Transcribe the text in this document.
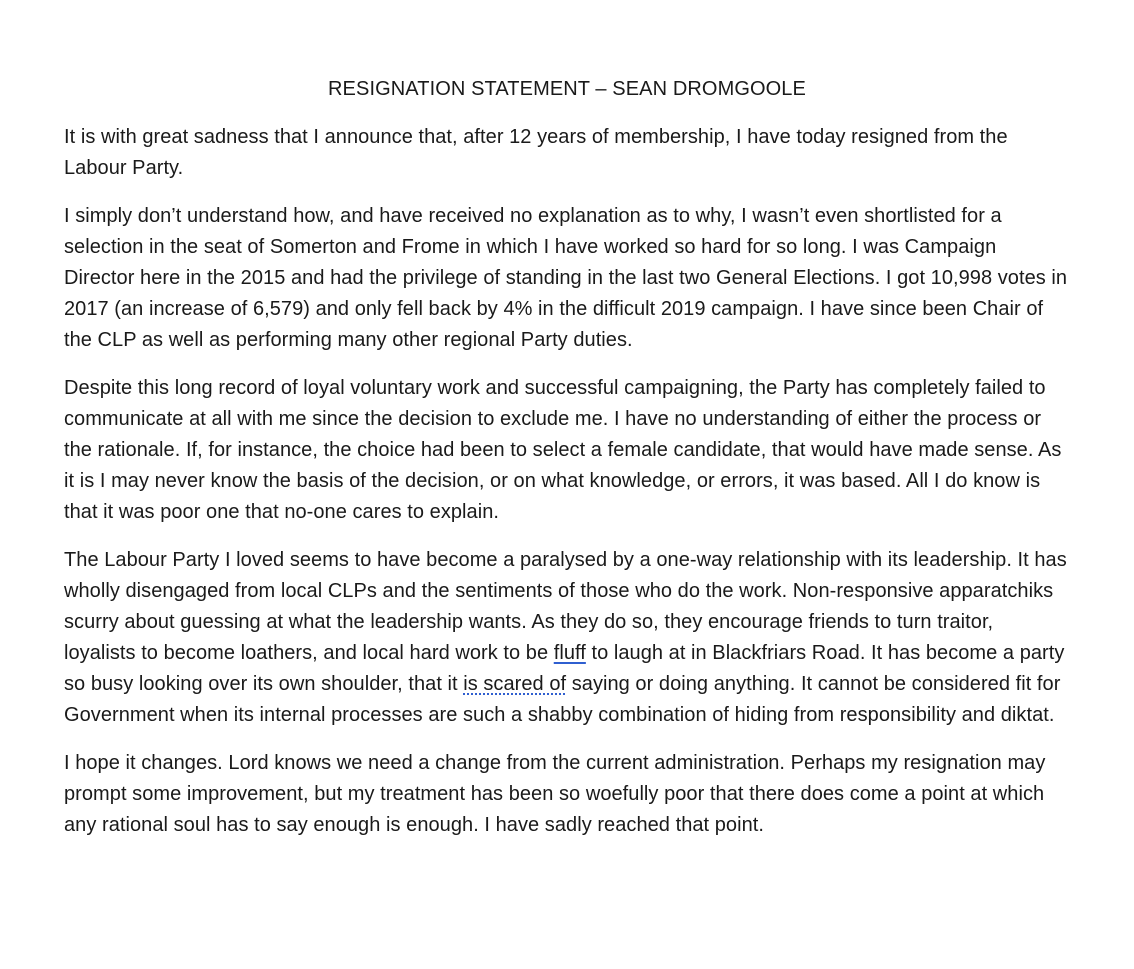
RESIGNATION STATEMENT – SEAN DROMGOOLE

It is with great sadness that I announce that, after 12 years of membership, I have today resigned from the Labour Party.

I simply don’t understand how, and have received no explanation as to why, I wasn’t even shortlisted for a selection in the seat of Somerton and Frome in which I have worked so hard for so long. I was Campaign Director here in the 2015 and had the privilege of standing in the last two General Elections. I got 10,998 votes in 2017 (an increase of 6,579) and only fell back by 4% in the difficult 2019 campaign. I have since been Chair of the CLP as well as performing many other regional Party duties.

Despite this long record of loyal voluntary work and successful campaigning, the Party has completely failed to communicate at all with me since the decision to exclude me. I have no understanding of either the process or the rationale. If, for instance, the choice had been to select a female candidate, that would have made sense. As it is I may never know the basis of the decision, or on what knowledge, or errors, it was based. All I do know is that it was poor one that no-one cares to explain.

The Labour Party I loved seems to have become a paralysed by a one-way relationship with its leadership. It has wholly disengaged from local CLPs and the sentiments of those who do the work. Non-responsive apparatchiks scurry about guessing at what the leadership wants. As they do so, they encourage friends to turn traitor, loyalists to become loathers, and local hard work to be fluff to laugh at in Blackfriars Road. It has become a party so busy looking over its own shoulder, that it is scared of saying or doing anything. It cannot be considered fit for Government when its internal processes are such a shabby combination of hiding from responsibility and diktat.

I hope it changes. Lord knows we need a change from the current administration. Perhaps my resignation may prompt some improvement, but my treatment has been so woefully poor that there does come a point at which any rational soul has to say enough is enough. I have sadly reached that point.
